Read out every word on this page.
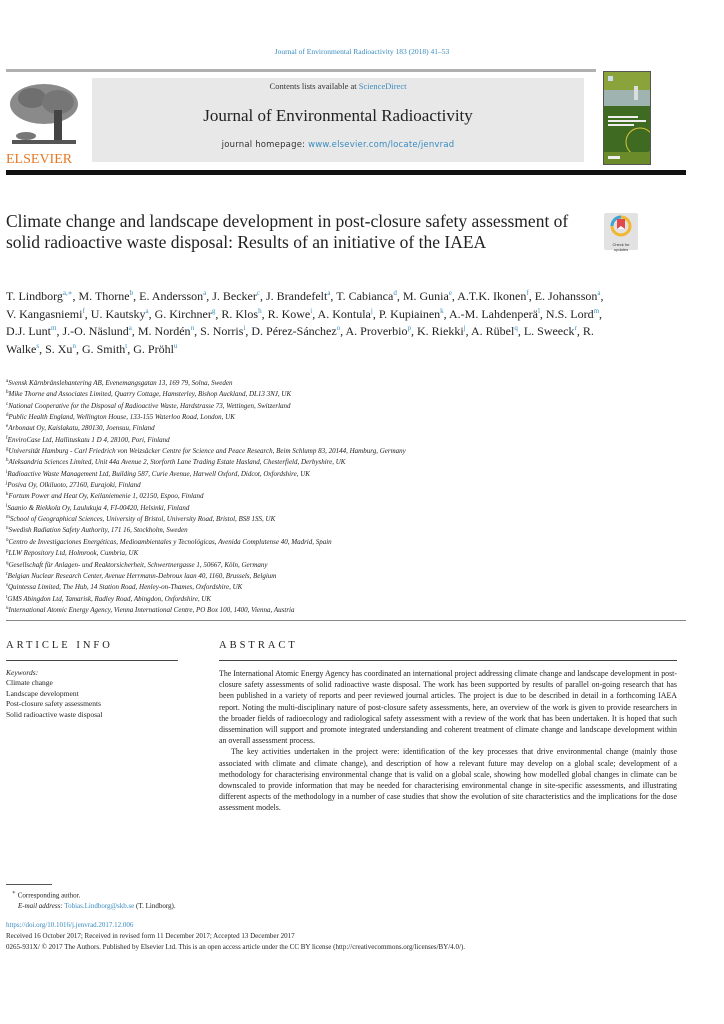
Journal of Environmental Radioactivity 183 (2018) 41–53
ELSEVIER
Contents lists available at ScienceDirect
Journal of Environmental Radioactivity
journal homepage: www.elsevier.com/locate/jenvrad
Climate change and landscape development in post-closure safety assessment of solid radioactive waste disposal: Results of an initiative of the IAEA	Check for
updates
T. Lindborg$^{a,∗}$, M. Thorne$^b$, E. Andersson$^a$, J. Becker$^c$, J. Brandefelt$^a$, T. Cabianca$^d$, M. Gunia$^e$, A.T.K. Ikonen$^f$, E. Johansson$^a$, V. Kangasniemi$^f$, U. Kautsky$^a$, G. Kirchner$^g$, R. Klos$^h$, R. Kowe$^i$, A. Kontula$^j$, P. Kupiainen$^k$, A.-M. Lahdenperä$^l$, N.S. Lord$^m$, D.J. Lunt$^m$, J.-O. Näslund$^a$, M. Nordén$^n$, S. Norris$^i$, D. Pérez-Sánchez$^o$, A. Proverbio$^p$, K. Riekki$^j$, A. Rübel$^q$, L. Sweeck$^r$, R. Walke$^s$, S. Xu$^n$, G. Smith$^t$, G. Pröhl$^u$
$^a$Svensk Kärnbränslehantering AB, Evenemangsgatan 13, 169 79, Solna, Sweden
$^b$Mike Thorne and Associates Limited, Quarry Cottage, Hamsterley, Bishop Auckland, DL13 3NJ, UK
$^c$National Cooperative for the Disposal of Radioactive Waste, Hardstrasse 73, Wettingen, Switzerland
$^d$Public Health England, Wellington House, 133-155 Waterloo Road, London, UK
$^e$Arbonaut Oy, Kaislakatu, 280130, Joensuu, Finland
$^f$EnviroCase Ltd, Hallituskatu 1 D 4, 28100, Pori, Finland
$^g$Universität Hamburg - Carl Friedrich von Weizsäcker Centre for Science and Peace Research, Beim Schlump 83, 20144, Hamburg, Germany
$^h$Aleksandria Sciences Limited, Unit 44a Avenue 2, Storforth Lane Trading Estate Hasland, Chesterfield, Derbyshire, UK
$^i$Radioactive Waste Management Ltd, Building 587, Curie Avenue, Harwell Oxford, Didcot, Oxfordshire, UK
$^j$Posiva Oy, Olkiluoto, 27160, Eurajoki, Finland
$^k$Fortum Power and Heat Oy, Keilaniemenie 1, 02150, Espoo, Finland
$^l$Saanio & Riekkola Oy, Laulukuja 4, FI-00420, Helsinki, Finland
$^m$School of Geographical Sciences, University of Bristol, University Road, Bristol, BS8 1SS, UK
$^n$Swedish Radiation Safety Authority, 171 16, Stockholm, Sweden
$^o$Centro de Investigaciones Energéticas, Medioambientales y Tecnológicas, Avenida Complutense 40, Madrid, Spain
$^p$LLW Repository Ltd, Holmrook, Cumbria, UK
$^q$Gesellschaft für Anlagen- und Reaktorsicherheit, Schwertnergasse 1, 50667, Köln, Germany
$^r$Belgian Nuclear Research Center, Avenue Herrmann-Debroux laan 40, 1160, Brussels, Belgium
$^s$Quintessa Limited, The Hub, 14 Station Road, Henley-on-Thames, Oxfordshire, UK
$^t$GMS Abingdon Ltd, Tamarisk, Radley Road, Abingdon, Oxfordshire, UK
$^u$International Atomic Energy Agency, Vienna International Centre, PO Box 100, 1400, Vienna, Austria
ARTICLE INFO	ABSTRACT
Keywords:
Climate change
Landscape development
Post-closure safety assessments
Solid radioactive waste disposal

The International Atomic Energy Agency has coordinated an international project addressing climate change and landscape development in post-closure safety assessments of solid radioactive waste disposal. The work has been supported by results of parallel on-going research that has been published in a variety of reports and peer reviewed journal articles. The project is due to be described in detail in a forthcoming IAEA report. Noting the multi-disciplinary nature of post-closure safety assessments, here, an overview of the work is given to provide researchers in the broader fields of radioecology and radiological safety assessment with a review of the work that has been undertaken. It is hoped that such dissemination will support and promote integrated understanding and coherent treatment of climate change and landscape development within an overall assessment process.

The key activities undertaken in the project were: identification of the key processes that drive environmental change (mainly those associated with climate and climate change), and description of how a relevant future may develop on a global scale; development of a methodology for characterising environmental change that is valid on a global scale, showing how modelled global changes in climate can be downscaled to provide information that may be needed for characterising environmental change in site-specific assessments, and illustrating different aspects of the methodology in a number of case studies that show the evolution of site characteristics and the implications for the dose assessment models.

∗ Corresponding author.
E-mail address: Tobias.Lindborg@skb.se (T. Lindborg).
https://doi.org/10.1016/j.jenvrad.2017.12.006
Received 16 October 2017; Received in revised form 11 December 2017; Accepted 13 December 2017
0265-931X/ © 2017 The Authors. Published by Elsevier Ltd. This is an open access article under the CC BY license (http://creativecommons.org/licenses/BY/4.0/).
